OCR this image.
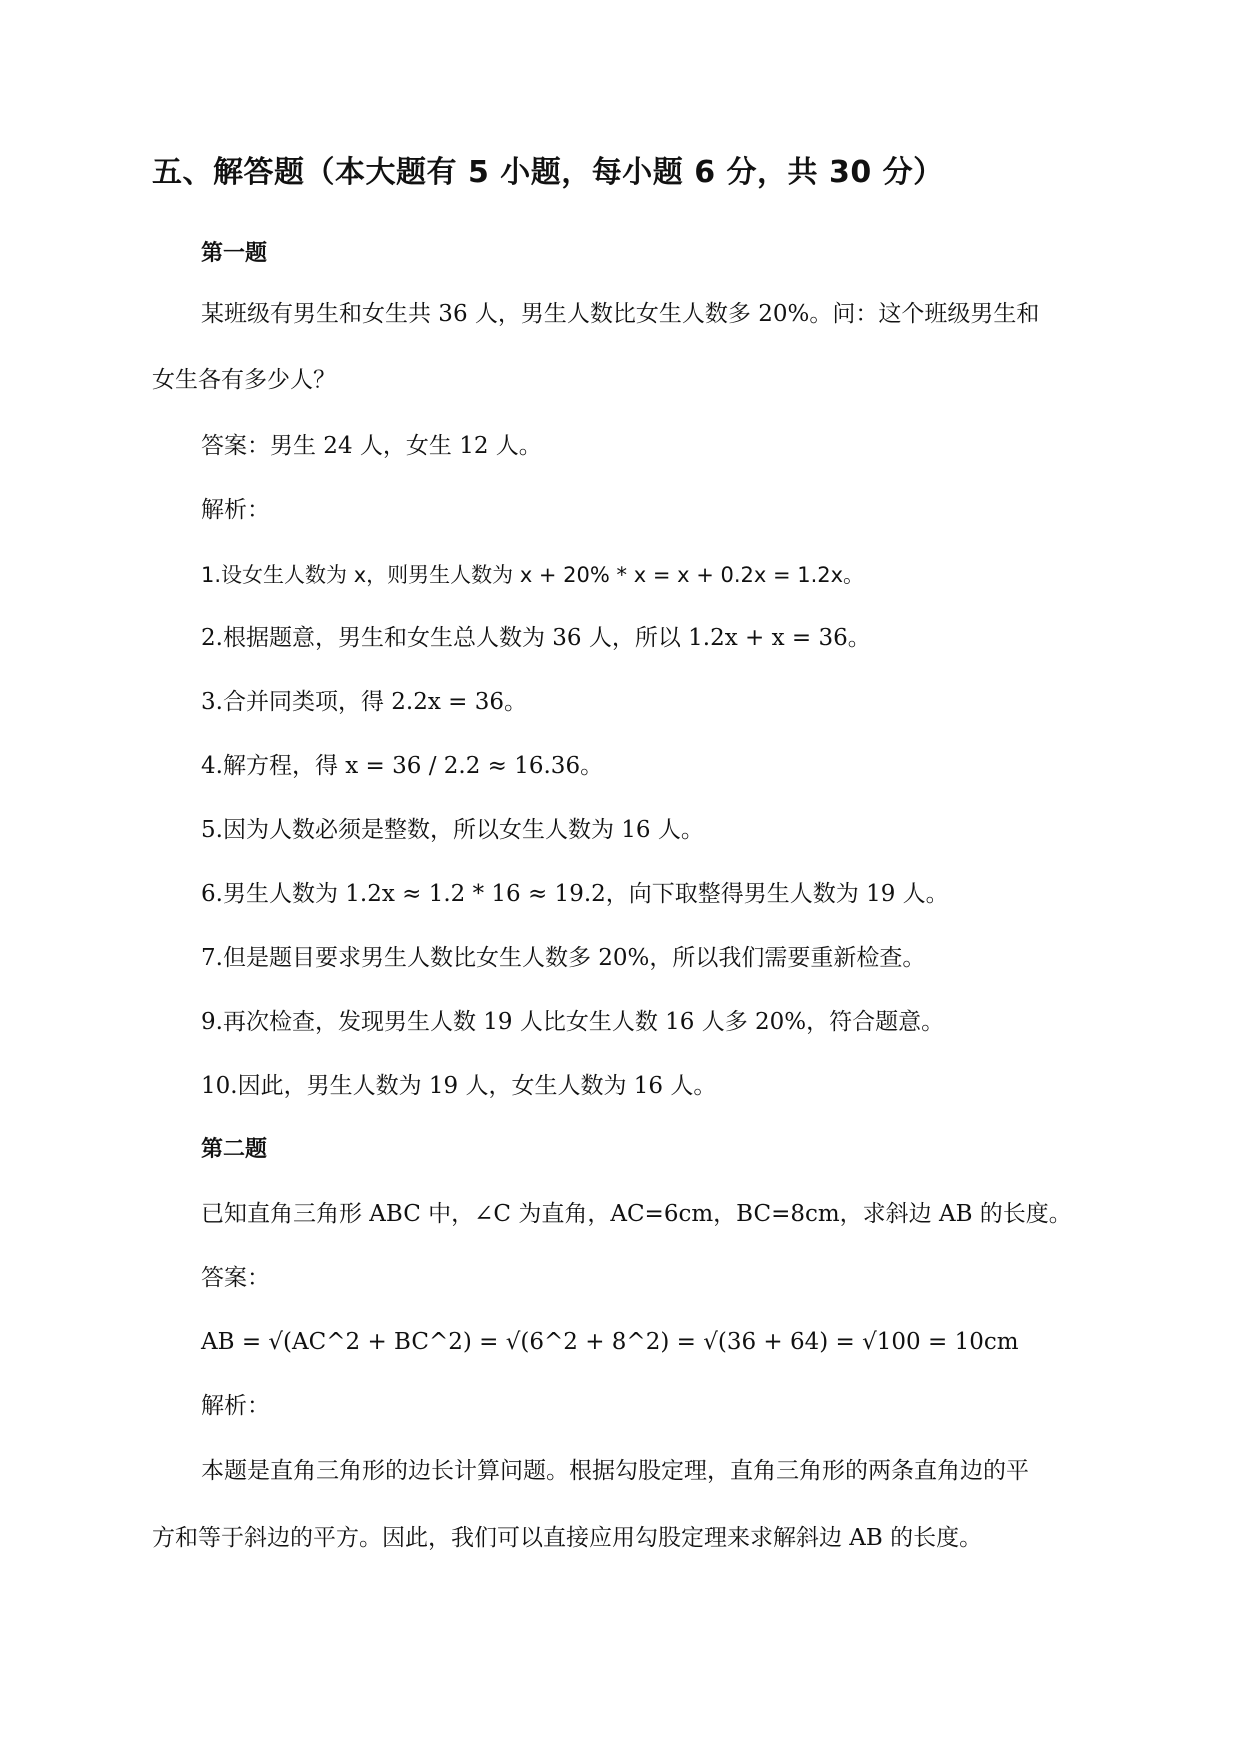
五、解答题（本大题有 5 小题，每小题 6 分，共 30 分）
第一题
某班级有男生和女生共 36 人，男生人数比女生人数多 20%。问：这个班级男生和
女生各有多少人？
答案：男生 24 人，女生 12 人。
解析：
1.设女生人数为 x，则男生人数为 x + 20% * x = x + 0.2x = 1.2x。
2.根据题意，男生和女生总人数为 36 人，所以 1.2x + x = 36。
3.合并同类项，得 2.2x = 36。
4.解方程，得 x = 36 / 2.2 ≈ 16.36。
5.因为人数必须是整数，所以女生人数为 16 人。
6.男生人数为 1.2x ≈ 1.2 * 16 ≈ 19.2，向下取整得男生人数为 19 人。
7.但是题目要求男生人数比女生人数多 20%，所以我们需要重新检查。
9.再次检查，发现男生人数 19 人比女生人数 16 人多 20%，符合题意。
10.因此，男生人数为 19 人，女生人数为 16 人。
第二题
已知直角三角形 ABC 中，∠C 为直角，AC=6cm，BC=8cm，求斜边 AB 的长度。
答案：
AB = √(AC^2 + BC^2) = √(6^2 + 8^2) = √(36 + 64) = √100 = 10cm
解析：
本题是直角三角形的边长计算问题。根据勾股定理，直角三角形的两条直角边的平
方和等于斜边的平方。因此，我们可以直接应用勾股定理来求解斜边 AB 的长度。
